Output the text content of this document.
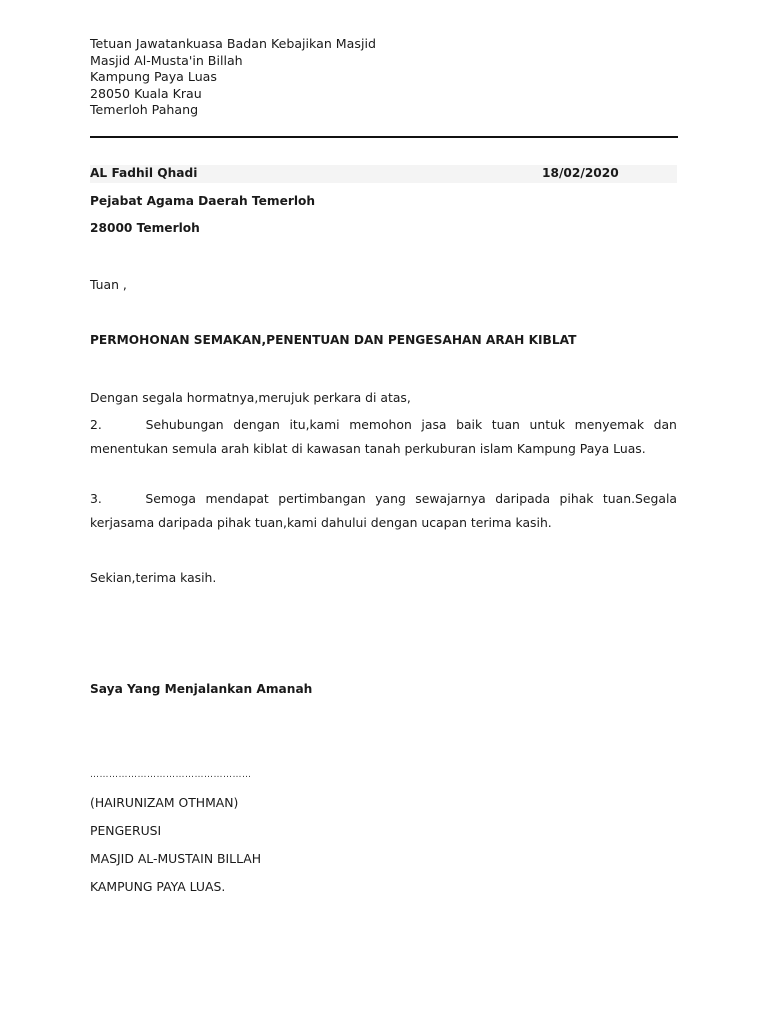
Tetuan Jawatankuasa Badan Kebajikan Masjid
Masjid Al-Musta'in Billah
Kampung Paya Luas
28050 Kuala Krau
Temerloh Pahang
AL Fadhil Qhadi	18/02/2020
Pejabat Agama Daerah Temerloh
28000 Temerloh
Tuan ,
PERMOHONAN SEMAKAN,PENENTUAN DAN PENGESAHAN ARAH KIBLAT
Dengan segala hormatnya,merujuk perkara di atas,
2.	Sehubungan dengan itu,kami memohon jasa baik tuan untuk menyemak dan
menentukan semula arah kiblat di kawasan tanah perkuburan islam Kampung Paya Luas.
3.	Semoga mendapat pertimbangan yang sewajarnya daripada pihak tuan.Segala
kerjasama daripada pihak tuan,kami dahului dengan ucapan terima kasih.
Sekian,terima kasih.
Saya Yang Menjalankan Amanah
……………………………………………
(HAIRUNIZAM OTHMAN)
PENGERUSI
MASJID AL-MUSTAIN BILLAH
KAMPUNG PAYA LUAS.
